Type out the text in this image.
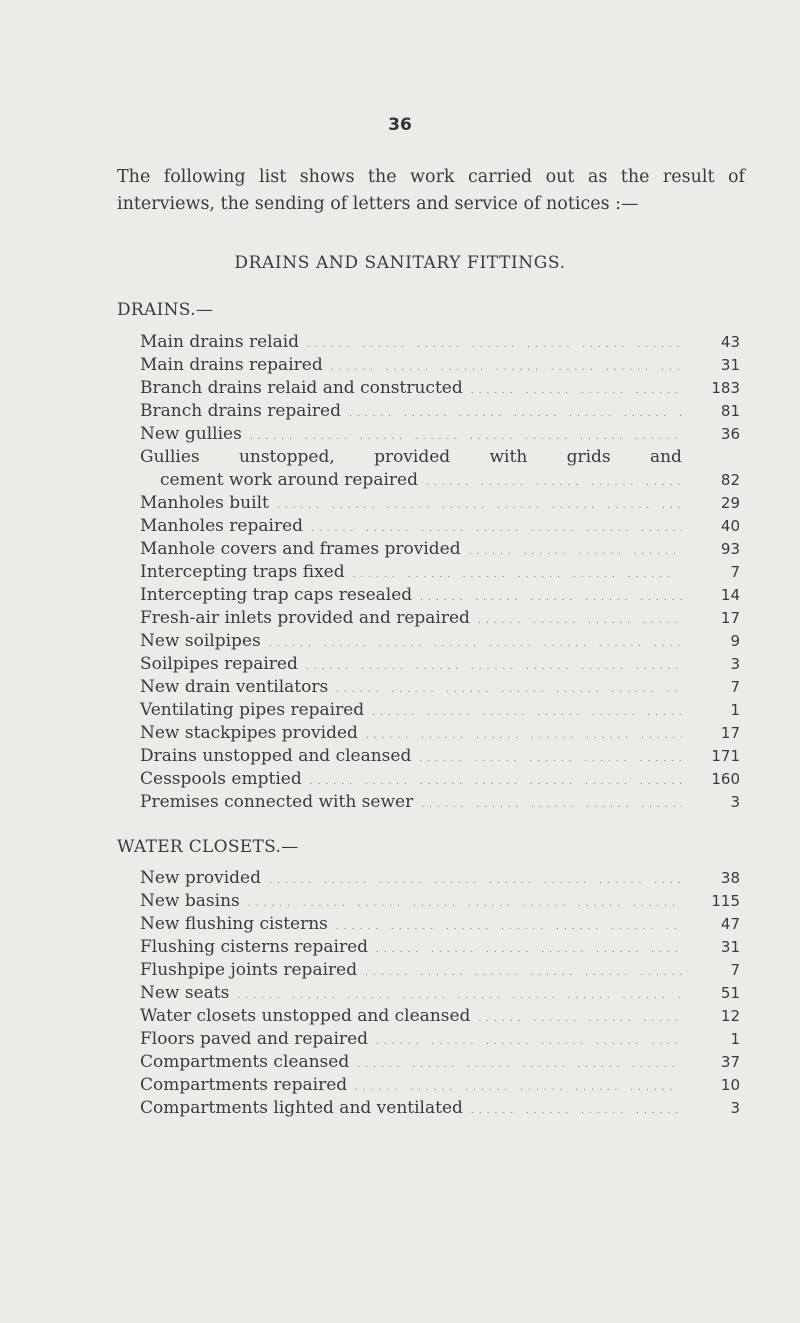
36

The following list shows the work carried out as the result of interviews, the sending of letters and service of notices :—

DRAINS AND SANITARY FITTINGS.
DRAINS.—
Main drains relaid .....	43
Main drains repaired .....	31
Branch drains relaid and constructed .....	183
Branch drains repaired .....	81
New gullies .....	36
Gullies unstopped, provided with grids and
cement work around repaired .....	82
Manholes built .....	29
Manholes repaired .....	40
Manhole covers and frames provided .....	93
Intercepting traps fixed .....	7
Intercepting trap caps resealed .....	14
Fresh-air inlets provided and repaired .....	17
New soilpipes .....	9
Soilpipes repaired .....	3
New drain ventilators .....	7
Ventilating pipes repaired .....	1
New stackpipes provided .....	17
Drains unstopped and cleansed .....	171
Cesspools emptied .....	160
Premises connected with sewer .....	3
WATER CLOSETS.—
New provided .....	38
New basins .....	115
New flushing cisterns .....	47
Flushing cisterns repaired .....	31
Flushpipe joints repaired .....	7
New seats .....	51
Water closets unstopped and cleansed .....	12
Floors paved and repaired .....	1
Compartments cleansed .....	37
Compartments repaired .....	10
Compartments lighted and ventilated .....	3
